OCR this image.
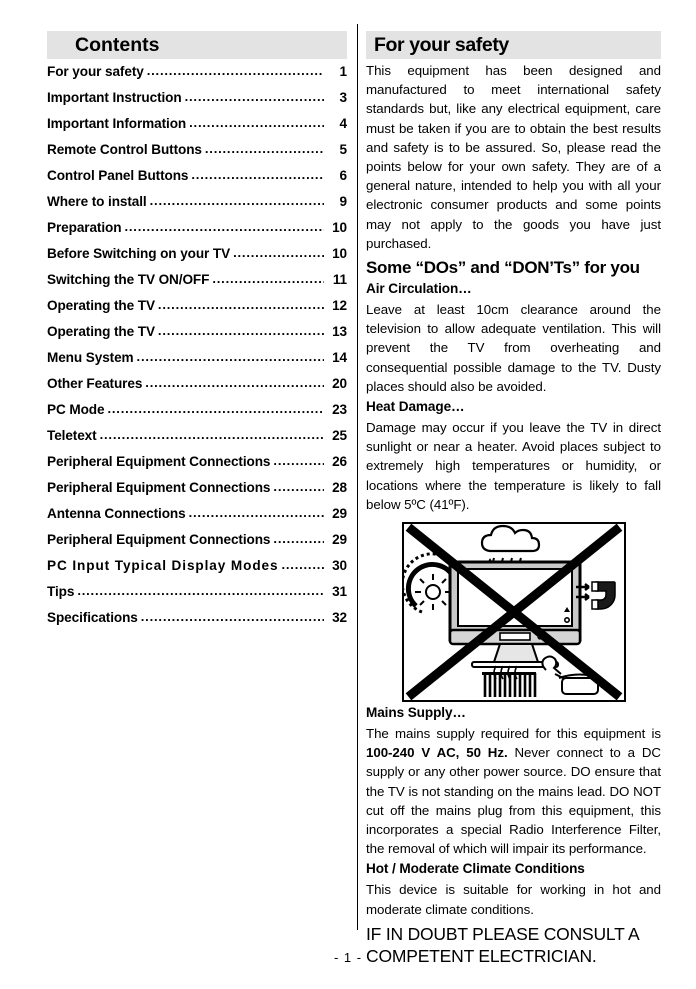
Contents
For your safety .....	1
Important Instruction .....	3
Important Information .....	4
Remote Control Buttons .....	5
Control Panel Buttons .....	6
Where to install .....	9
Preparation .....	10
Before Switching on your TV .....	10
Switching the TV ON/OFF .....	11
Operating the TV .....	12
Operating the TV .....	13
Menu System .....	14
Other Features .....	20
PC Mode .....	23
Teletext .....	25
Peripheral Equipment Connections .....	26
Peripheral Equipment Connections .....	28
Antenna Connections .....	29
Peripheral Equipment Connections .....	29
PC Input Typical Display Modes .....	30
Tips .....	31
Specifications .....	32
For your safety

This equipment has been designed and manufactured to meet international safety standards but, like any electrical equipment, care must be taken if you are to obtain the best results and safety is to be assured. So, please read the points below for your own safety. They are of a general nature, intended to help you with all your electronic consumer products and some points may not apply to the goods you have just purchased.

Some “DOs” and “DON’Ts” for you
Air Circulation…

Leave at least 10cm clearance around the television to allow adequate ventilation. This will prevent the TV from overheating and consequential possible damage to the TV. Dusty places should also be avoided.

Heat Damage…

Damage may occur if you leave the TV in direct sunlight or near a heater. Avoid places subject to extremely high temperatures or humidity, or locations where the temperature is likely to fall below 5ºC (41ºF).

Mains Supply…

The mains supply required for this equipment is 100-240 V AC, 50 Hz. Never connect to a DC supply or any other power source. DO ensure that the TV is not standing on the mains lead. DO NOT cut off the mains plug from this equipment, this incorporates a special Radio Interference Filter, the removal of which will impair its performance.

Hot / Moderate Climate Conditions

This device is suitable for working in hot and moderate climate conditions.

IF IN DOUBT PLEASE CONSULT A COMPETENT ELECTRICIAN.
- 1 -
